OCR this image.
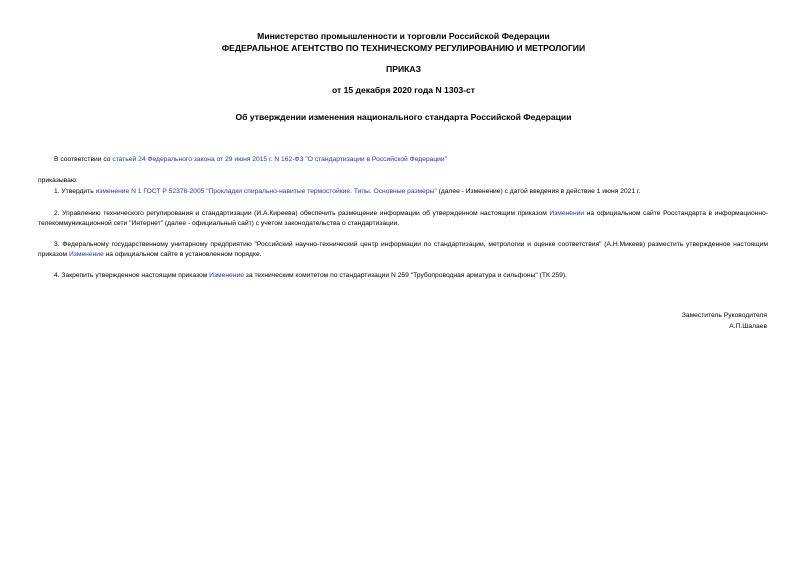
Министерство промышленности и торговли Российской Федерации
ФЕДЕРАЛЬНОЕ АГЕНТСТВО ПО ТЕХНИЧЕСКОМУ РЕГУЛИРОВАНИЮ И МЕТРОЛОГИИ
ПРИКАЗ
от 15 декабря 2020 года N 1303-ст
Об утверждении изменения национального стандарта Российской Федерации
В соответствии со статьей 24 Федерального закона от 29 июня 2015 г. N 162-ФЗ "О стандартизации в Российской Федерации"
приказываю:
1. Утвердить изменение N 1 ГОСТ Р 52376-2005 "Прокладки спирально-навитые термостойкие. Типы. Основные размеры" (далее - Изменение) с датой введения в действие 1 июня 2021 г.
2. Управлению технического регулирования и стандартизации (И.А.Киреева) обеспечить размещение информации об утвержденном настоящим приказом Изменении на официальном сайте Росстандарта в информационно-телекоммуникационной сети "Интернет" (далее - официальный сайт) с учетом законодательства о стандартизации.
3. Федеральному государственному унитарному предприятию "Российский научно-технический центр информации по стандартизации, метрологии и оценке соответствия" (А.Н.Микеев) разместить утвержденное настоящим приказом Изменение на официальном сайте в установленном порядке.
4. Закрепить утвержденное настоящим приказом Изменение за техническим комитетом по стандартизации N 259 "Трубопроводная арматура и сильфоны" (ТК 259).
Заместитель Руководителя
А.П.Шалаев
